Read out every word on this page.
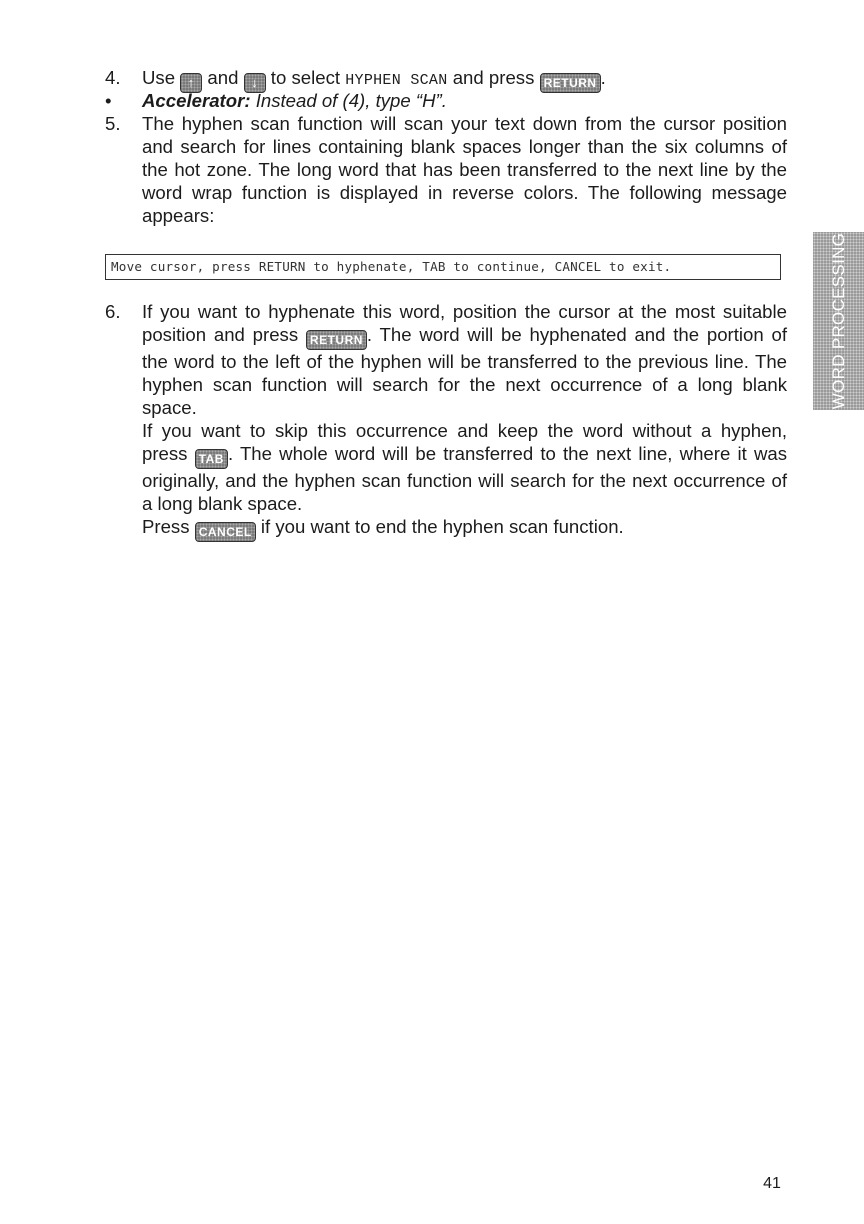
4.	Use ↑ and ↓ to select HYPHEN SCAN and press RETURN .
•	Accelerator: Instead of (4), type “H”.
5.	The hyphen scan function will scan your text down from the cursor position
and search for lines containing blank spaces longer than the six columns of
the hot zone. The long word that has been transferred to the next line by the
word wrap function is displayed in reverse colors. The following message
appears:
Move cursor, press RETURN to hyphenate, TAB to continue, CANCEL to exit.
6.	If you want to hyphenate this word, position the cursor at the most suitable
position and press RETURN . The word will be hyphenated and the portion of
the word to the left of the hyphen will be transferred to the previous line. The
hyphen scan function will search for the next occurrence of a long blank
space.
If you want to skip this occurrence and keep the word without a hyphen,
press TAB . The whole word will be transferred to the next line, where it was
originally, and the hyphen scan function will search for the next occurrence of
a long blank space.
Press CANCEL if you want to end the hyphen scan function.
WORD PROCESSING
41
